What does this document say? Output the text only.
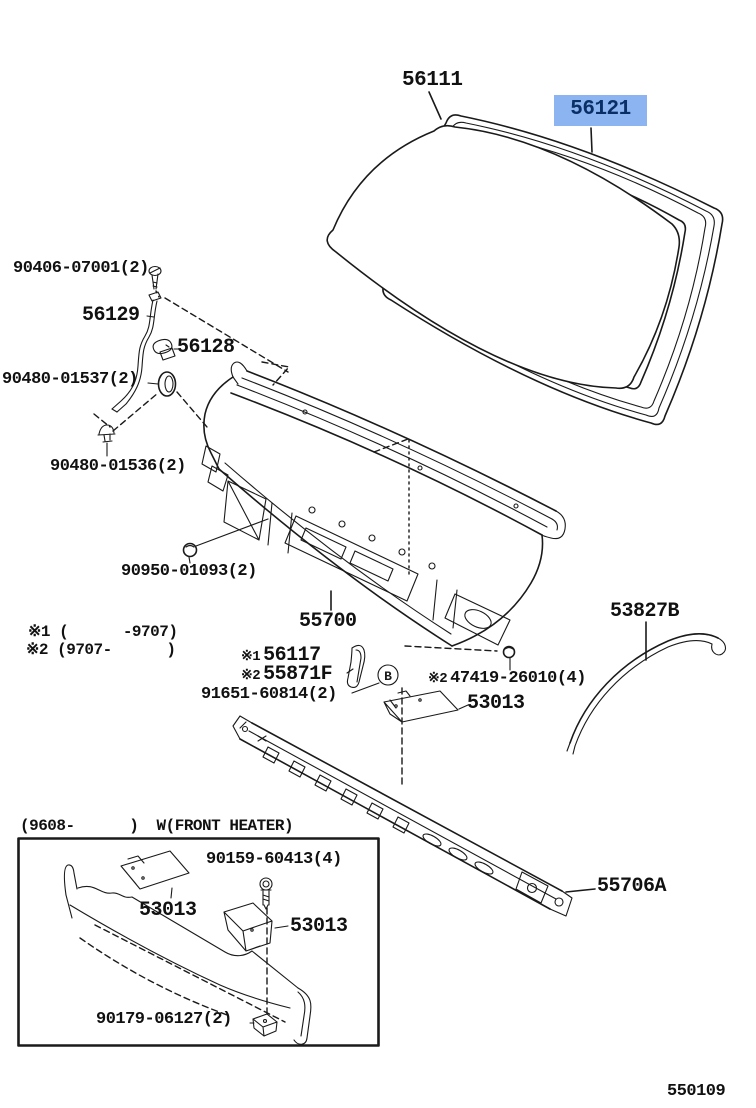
B
56111
56121
90406-07001(2)
56129
56128
90480-01537(2)
90480-01536(2)
90950-01093(2)
55700
※1 (      -9707)
※2 (9707-      )	※1 56117
※2 55871F
91651-60814(2)
※2 47419-26010(4)
53013
53827B
(9608-      )  W(FRONT HEATER)
90159-60413(4)
53013
53013
90179-06127(2)
55706A
550109
